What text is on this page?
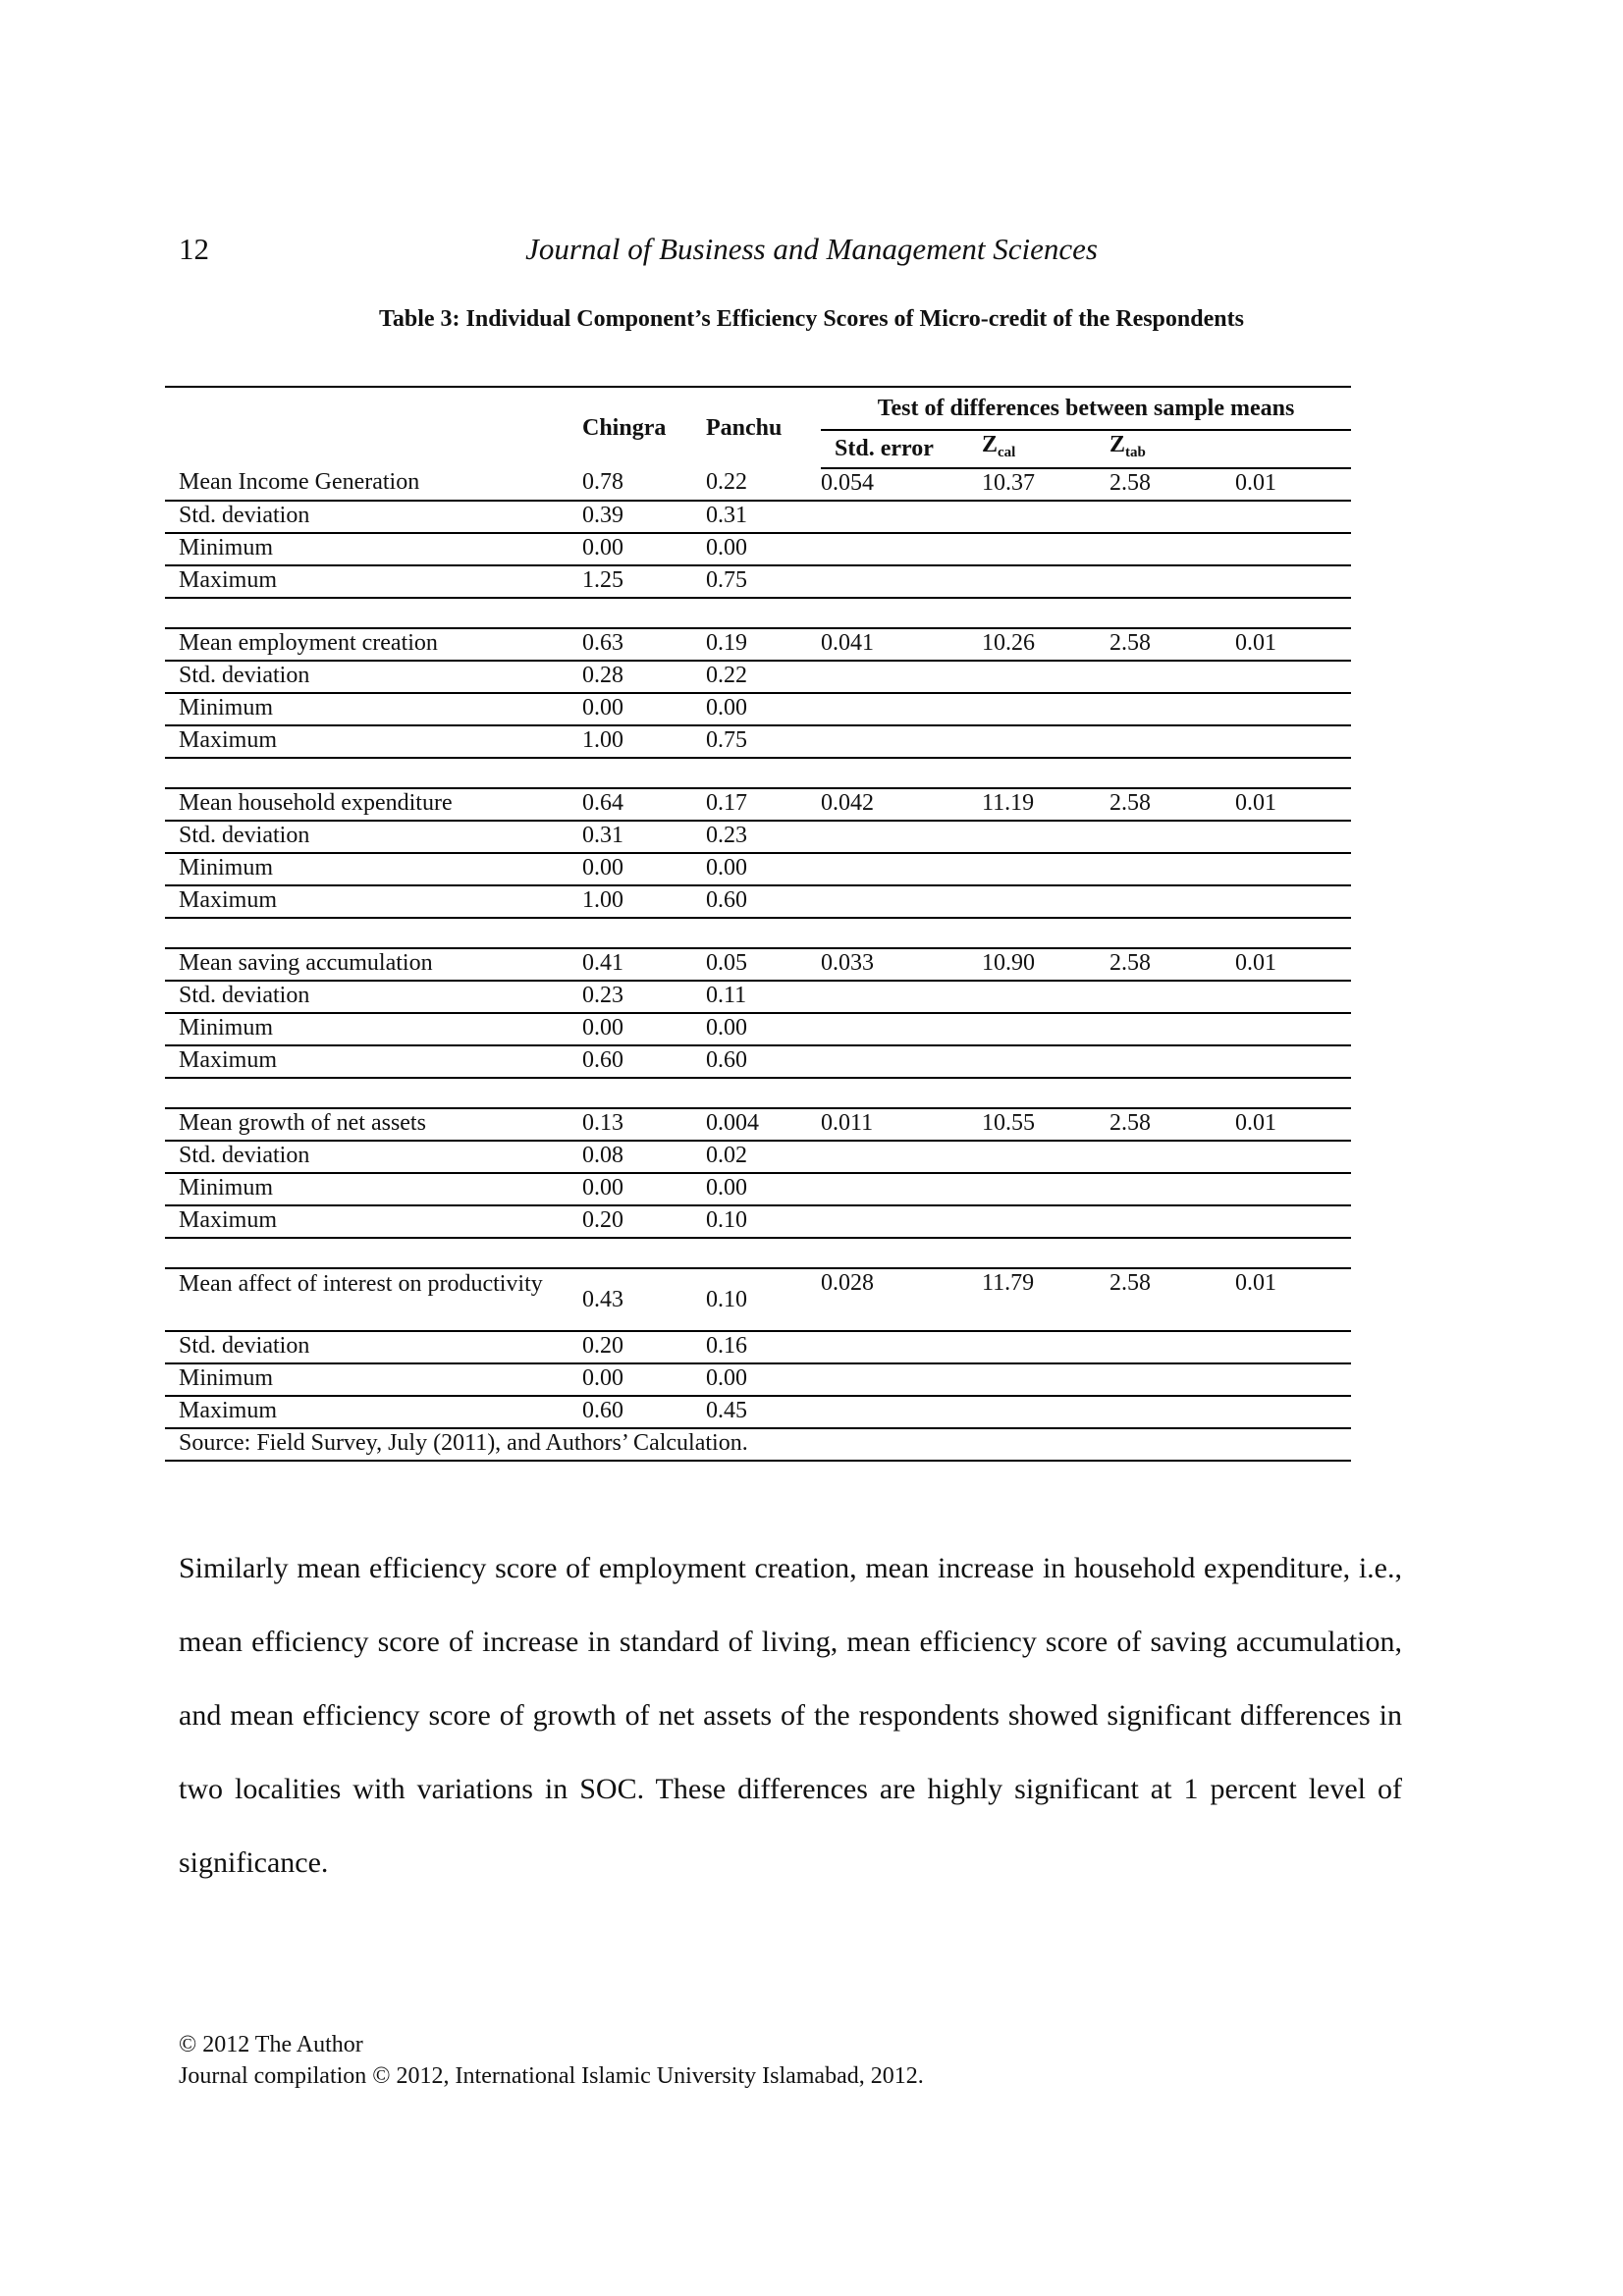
12	Journal of Business and Management Sciences
Table 3: Individual Component’s Efficiency Scores of Micro-credit of the Respondents
	Chingra	Panchu	Test of differences between sample means			
			Std. error	$Z_{cal}$	$Z_{tab}$	
Mean Income Generation	0.78	0.22	0.054	10.37	2.58	0.01
Std. deviation	0.39	0.31				
Minimum	0.00	0.00				
Maximum	1.25	0.75				

Mean employment creation	0.63	0.19	0.041	10.26	2.58	0.01
Std. deviation	0.28	0.22				
Minimum	0.00	0.00				
Maximum	1.00	0.75				

Mean household expenditure	0.64	0.17	0.042	11.19	2.58	0.01
Std. deviation	0.31	0.23				
Minimum	0.00	0.00				
Maximum	1.00	0.60				

Mean saving accumulation	0.41	0.05	0.033	10.90	2.58	0.01
Std. deviation	0.23	0.11				
Minimum	0.00	0.00				
Maximum	0.60	0.60				

Mean growth of net assets	0.13	0.004	0.011	10.55	2.58	0.01
Std. deviation	0.08	0.02				
Minimum	0.00	0.00				
Maximum	0.20	0.10				

Mean affect of interest on productivity	0.43	0.10	0.028	11.79	2.58	0.01
Std. deviation	0.20	0.16				
Minimum	0.00	0.00				
Maximum	0.60	0.45				
Source: Field Survey, July (2011), and Authors’ Calculation.						

Similarly mean efficiency score of employment creation, mean increase in household expenditure, i.e., mean efficiency score of increase in standard of living, mean efficiency score of saving accumulation, and mean efficiency score of growth of net assets of the respondents showed significant differences in two localities with variations in SOC. These differences are highly significant at 1 percent level of significance.

© 2012 The Author
Journal compilation © 2012, International Islamic University Islamabad, 2012.
